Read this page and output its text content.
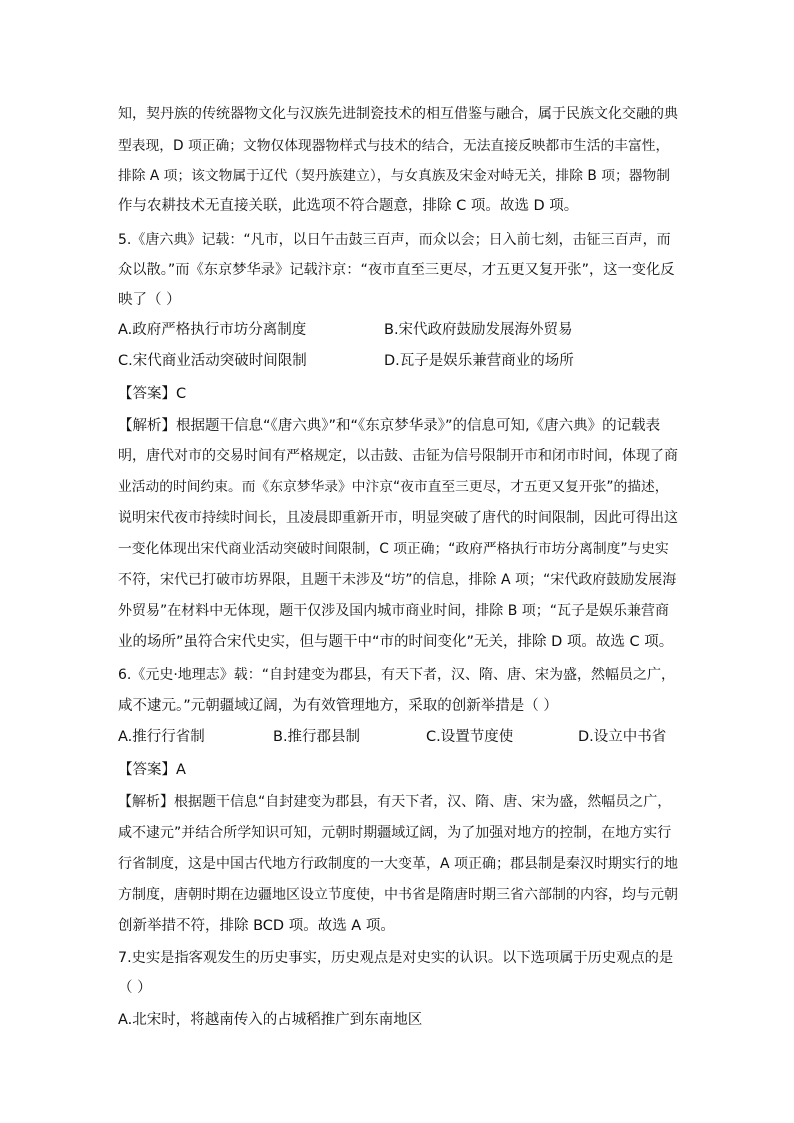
知，契丹族的传统器物文化与汉族先进制瓷技术的相互借鉴与融合，属于民族文化交融的典
型表现，D 项正确；文物仅体现器物样式与技术的结合，无法直接反映都市生活的丰富性，
排除 A 项；该文物属于辽代（契丹族建立），与女真族及宋金对峙无关，排除 B 项；器物制
作与农耕技术无直接关联，此选项不符合题意，排除 C 项。故选 D 项。
5.《唐六典》记载：“凡市，以日午击鼓三百声，而众以会；日入前七刻，击钲三百声，而
众以散。”而《东京梦华录》记载汴京：“夜市直至三更尽，才五更又复开张”，这一变化反
映了（ ）
A.政府严格执行市坊分离制度	B.宋代政府鼓励发展海外贸易
C.宋代商业活动突破时间限制	D.瓦子是娱乐兼营商业的场所
【答案】C
【解析】根据题干信息“《唐六典》”和“《东京梦华录》”的信息可知,《唐六典》的记载表
明，唐代对市的交易时间有严格规定，以击鼓、击钲为信号限制开市和闭市时间，体现了商
业活动的时间约束。而《东京梦华录》中汴京“夜市直至三更尽，才五更又复开张”的描述，
说明宋代夜市持续时间长，且凌晨即重新开市，明显突破了唐代的时间限制，因此可得出这
一变化体现出宋代商业活动突破时间限制，C 项正确；“政府严格执行市坊分离制度”与史实
不符，宋代已打破市坊界限，且题干未涉及“坊”的信息，排除 A 项；“宋代政府鼓励发展海
外贸易”在材料中无体现，题干仅涉及国内城市商业时间，排除 B 项；“瓦子是娱乐兼营商
业的场所”虽符合宋代史实，但与题干中“市的时间变化”无关，排除 D 项。故选 C 项。
6.《元史·地理志》载：“自封建变为郡县，有天下者，汉、隋、唐、宋为盛，然幅员之广，
咸不逮元。”元朝疆域辽阔，为有效管理地方，采取的创新举措是（ ）
A.推行行省制	B.推行郡县制	C.设置节度使	D.设立中书省
【答案】A
【解析】根据题干信息“自封建变为郡县，有天下者，汉、隋、唐、宋为盛，然幅员之广，
咸不逮元”并结合所学知识可知，元朝时期疆域辽阔，为了加强对地方的控制，在地方实行
行省制度，这是中国古代地方行政制度的一大变革，A 项正确；郡县制是秦汉时期实行的地
方制度，唐朝时期在边疆地区设立节度使，中书省是隋唐时期三省六部制的内容，均与元朝
创新举措不符，排除 BCD 项。故选 A 项。
7.史实是指客观发生的历史事实，历史观点是对史实的认识。以下选项属于历史观点的是
（ ）
A.北宋时，将越南传入的占城稻推广到东南地区
